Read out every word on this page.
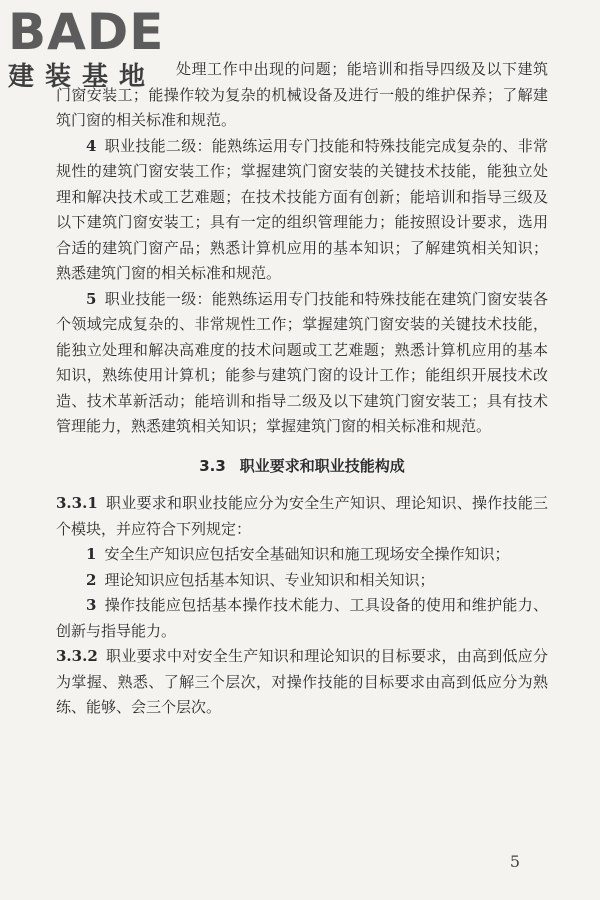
BADE
建装基地	处理工作中出现的问题；能培训和指导四级及以下建筑门窗安装工；能操作较为复杂的机械设备及进行一般的维护保养；了解建筑门窗的相关标准和规范。

4 职业技能二级：能熟练运用专门技能和特殊技能完成复杂的、非常规性的建筑门窗安装工作；掌握建筑门窗安装的关键技术技能，能独立处理和解决技术或工艺难题；在技术技能方面有创新；能培训和指导三级及以下建筑门窗安装工；具有一定的组织管理能力；能按照设计要求，选用合适的建筑门窗产品；熟悉计算机应用的基本知识；了解建筑相关知识；熟悉建筑门窗的相关标准和规范。

5 职业技能一级：能熟练运用专门技能和特殊技能在建筑门窗安装各个领域完成复杂的、非常规性工作；掌握建筑门窗安装的关键技术技能，能独立处理和解决高难度的技术问题或工艺难题；熟悉计算机应用的基本知识，熟练使用计算机；能参与建筑门窗的设计工作；能组织开展技术改造、技术革新活动；能培训和指导二级及以下建筑门窗安装工；具有技术管理能力，熟悉建筑相关知识；掌握建筑门窗的相关标准和规范。

3.3 职业要求和职业技能构成

3.3.1 职业要求和职业技能应分为安全生产知识、理论知识、操作技能三个模块，并应符合下列规定：

1 安全生产知识应包括安全基础知识和施工现场安全操作知识；

2 理论知识应包括基本知识、专业知识和相关知识；

3 操作技能应包括基本操作技术能力、工具设备的使用和维护能力、创新与指导能力。

3.3.2 职业要求中对安全生产知识和理论知识的目标要求，由高到低应分为掌握、熟悉、了解三个层次，对操作技能的目标要求由高到低应分为熟练、能够、会三个层次。

5
